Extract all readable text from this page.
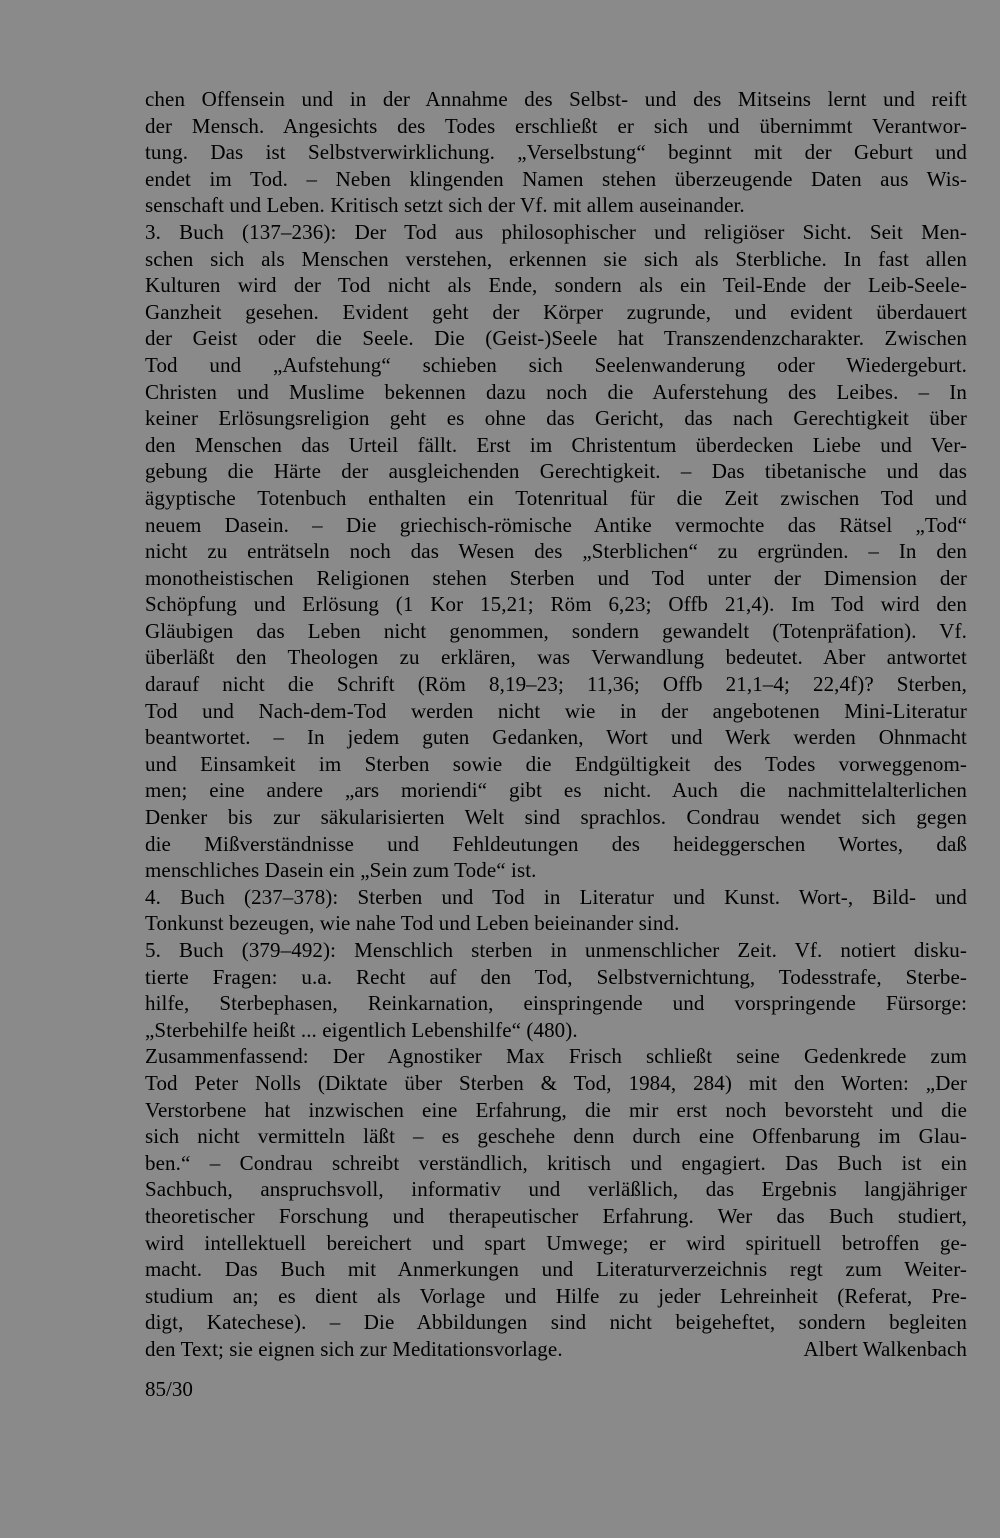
chen Offensein und in der Annahme des Selbst- und des Mitseins lernt und reift
der Mensch. Angesichts des Todes erschließt er sich und übernimmt Verantwor-
tung. Das ist Selbstverwirklichung. „Verselbstung“ beginnt mit der Geburt und
endet im Tod. – Neben klingenden Namen stehen überzeugende Daten aus Wis-
senschaft und Leben. Kritisch setzt sich der Vf. mit allem auseinander.
3. Buch (137–236): Der Tod aus philosophischer und religiöser Sicht. Seit Men-
schen sich als Menschen verstehen, erkennen sie sich als Sterbliche. In fast allen
Kulturen wird der Tod nicht als Ende, sondern als ein Teil-Ende der Leib-Seele-
Ganzheit gesehen. Evident geht der Körper zugrunde, und evident überdauert
der Geist oder die Seele. Die (Geist-)Seele hat Transzendenzcharakter. Zwischen
Tod und „Aufstehung“ schieben sich Seelenwanderung oder Wiedergeburt.
Christen und Muslime bekennen dazu noch die Auferstehung des Leibes. – In
keiner Erlösungsreligion geht es ohne das Gericht, das nach Gerechtigkeit über
den Menschen das Urteil fällt. Erst im Christentum überdecken Liebe und Ver-
gebung die Härte der ausgleichenden Gerechtigkeit. – Das tibetanische und das
ägyptische Totenbuch enthalten ein Totenritual für die Zeit zwischen Tod und
neuem Dasein. – Die griechisch-römische Antike vermochte das Rätsel „Tod“
nicht zu enträtseln noch das Wesen des „Sterblichen“ zu ergründen. – In den
monotheistischen Religionen stehen Sterben und Tod unter der Dimension der
Schöpfung und Erlösung (1 Kor 15,21; Röm 6,23; Offb 21,4). Im Tod wird den
Gläubigen das Leben nicht genommen, sondern gewandelt (Totenpräfation). Vf.
überläßt den Theologen zu erklären, was Verwandlung bedeutet. Aber antwortet
darauf nicht die Schrift (Röm 8,19–23; 11,36; Offb 21,1–4; 22,4f)? Sterben,
Tod und Nach-dem-Tod werden nicht wie in der angebotenen Mini-Literatur
beantwortet. – In jedem guten Gedanken, Wort und Werk werden Ohnmacht
und Einsamkeit im Sterben sowie die Endgültigkeit des Todes vorweggenom-
men; eine andere „ars moriendi“ gibt es nicht. Auch die nachmittelalterlichen
Denker bis zur säkularisierten Welt sind sprachlos. Condrau wendet sich gegen
die Mißverständnisse und Fehldeutungen des heideggerschen Wortes, daß
menschliches Dasein ein „Sein zum Tode“ ist.
4. Buch (237–378): Sterben und Tod in Literatur und Kunst. Wort-, Bild- und
Tonkunst bezeugen, wie nahe Tod und Leben beieinander sind.
5. Buch (379–492): Menschlich sterben in unmenschlicher Zeit. Vf. notiert disku-
tierte Fragen: u.a. Recht auf den Tod, Selbstvernichtung, Todesstrafe, Sterbe-
hilfe, Sterbephasen, Reinkarnation, einspringende und vorspringende Fürsorge:
„Sterbehilfe heißt ... eigentlich Lebenshilfe“ (480).
Zusammenfassend: Der Agnostiker Max Frisch schließt seine Gedenkrede zum
Tod Peter Nolls (Diktate über Sterben & Tod, 1984, 284) mit den Worten: „Der
Verstorbene hat inzwischen eine Erfahrung, die mir erst noch bevorsteht und die
sich nicht vermitteln läßt – es geschehe denn durch eine Offenbarung im Glau-
ben.“ – Condrau schreibt verständlich, kritisch und engagiert. Das Buch ist ein
Sachbuch, anspruchsvoll, informativ und verläßlich, das Ergebnis langjähriger
theoretischer Forschung und therapeutischer Erfahrung. Wer das Buch studiert,
wird intellektuell bereichert und spart Umwege; er wird spirituell betroffen ge-
macht. Das Buch mit Anmerkungen und Literaturverzeichnis regt zum Weiter-
studium an; es dient als Vorlage und Hilfe zu jeder Lehreinheit (Referat, Pre-
digt, Katechese). – Die Abbildungen sind nicht beigeheftet, sondern begleiten
den Text; sie eignen sich zur Meditationsvorlage.	Albert Walkenbach
85/30
